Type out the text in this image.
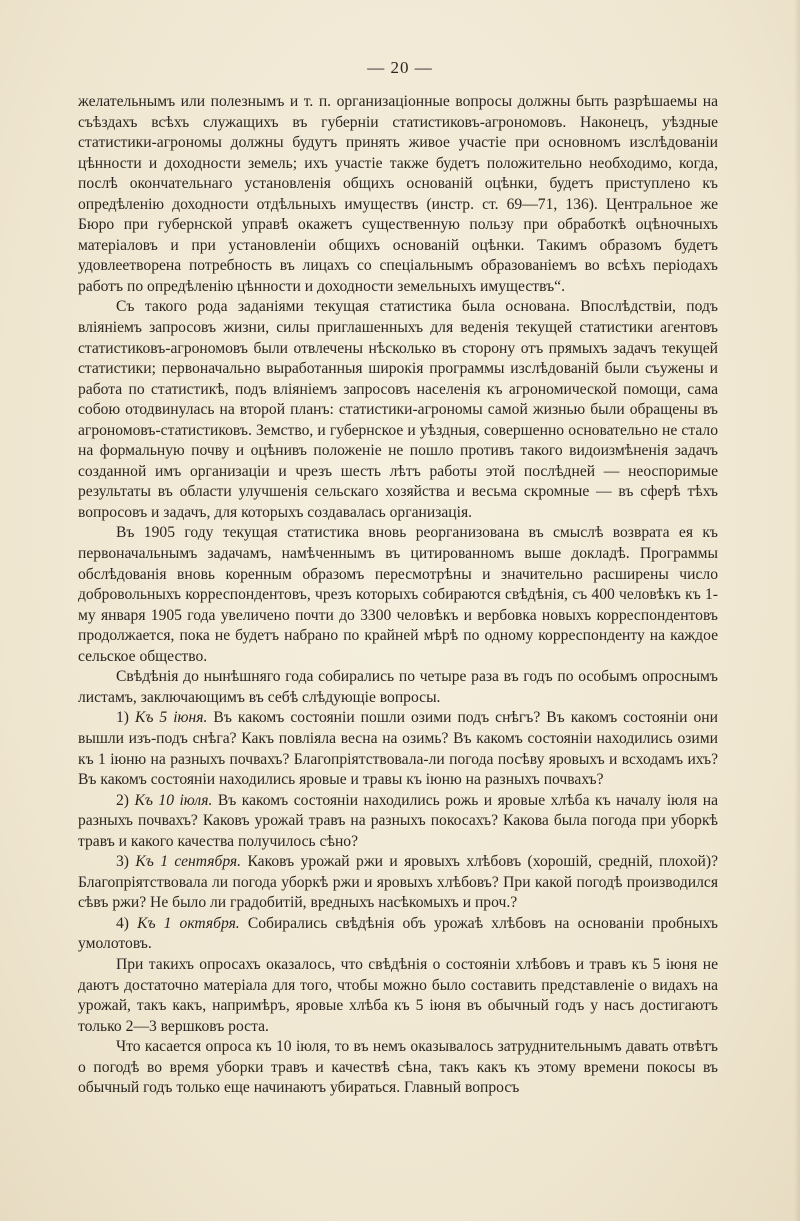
— 20 —

желательнымъ или полезнымъ и т. п. организаціонные вопросы должны быть разрѣшаемы на съѣздахъ всѣхъ служащихъ въ губерніи статистиковъ-агрономовъ. Наконецъ, уѣздные статистики-агрономы должны будутъ принять живое участіе при основномъ изслѣдованіи цѣнности и доходности земель; ихъ участіе также будетъ положительно необходимо, когда, послѣ окончательнаго установленія общихъ основаній оцѣнки, будетъ приступлено къ опредѣленію доходности отдѣльныхъ имуществъ (инстр. ст. 69—71, 136). Центральное же Бюро при губернской управѣ окажетъ существенную пользу при обработкѣ оцѣночныхъ матеріаловъ и при установленіи общихъ основаній оцѣнки. Такимъ образомъ будетъ удовлеетворена потребность въ лицахъ со спеціальнымъ образованіемъ во всѣхъ періодахъ работъ по опредѣленію цѣнности и доходности земельныхъ имуществъ“.

Съ такого рода заданіями текущая статистика была основана. Впослѣдствіи, подъ вліяніемъ запросовъ жизни, силы приглашенныхъ для веденія текущей статистики агентовъ статистиковъ-агрономовъ были отвлечены нѣсколько въ сторону отъ прямыхъ задачъ текущей статистики; первоначально выработанныя широкія программы изслѣдованій были съужены и работа по статистикѣ, подъ вліяніемъ запросовъ населенія къ агрономической помощи, сама собою отодвинулась на второй планъ: статистики-агрономы самой жизнью были обращены въ агрономовъ-статистиковъ. Земство, и губернское и уѣздныя, совершенно основательно не стало на формальную почву и оцѣнивъ положеніе не пошло противъ такого видоизмѣненія задачъ созданной имъ организаціи и чрезъ шесть лѣтъ работы этой послѣдней — неоспоримые результаты въ области улучшенія сельскаго хозяйства и весьма скромные — въ сферѣ тѣхъ вопросовъ и задачъ, для которыхъ создавалась организація.

Въ 1905 году текущая статистика вновь реорганизована въ смыслѣ возврата ея къ первоначальнымъ задачамъ, намѣченнымъ въ цитированномъ выше докладѣ. Программы обслѣдованія вновь коренным образомъ пересмотрѣны и значительно расширены число добровольныхъ корреспондентовъ, чрезъ которыхъ собираются свѣдѣнія, съ 400 человѣкъ къ 1-му января 1905 года увеличено почти до 3300 человѣкъ и вербовка новыхъ корреспондентовъ продолжается, пока не будетъ набрано по крайней мѣрѣ по одному корреспонденту на каждое сельское общество.

Свѣдѣнія до нынѣшняго года собирались по четыре раза въ годъ по особымъ опроснымъ листамъ, заключающимъ въ себѣ слѣдующіе вопросы.

1) Къ 5 іюня. Въ какомъ состояніи пошли озими подъ снѣгъ? Въ какомъ состояніи они вышли изъ-подъ снѣга? Какъ повліяла весна на озимь? Въ какомъ состояніи находились озими къ 1 іюню на разныхъ почвахъ? Благопріятствовала-ли погода посѣву яровыхъ и всходамъ ихъ? Въ какомъ состояніи находились яровые и травы къ іюню на разныхъ почвахъ?

2) Къ 10 іюля. Въ какомъ состояніи находились рожь и яровые хлѣба къ началу іюля на разныхъ почвахъ? Каковъ урожай травъ на разныхъ покосахъ? Какова была погода при уборкѣ травъ и какого качества получилось сѣно?

3) Къ 1 сентября. Каковъ урожай ржи и яровыхъ хлѣбовъ (хорошій, средній, плохой)? Благопріятствовала ли погода уборкѣ ржи и яровыхъ хлѣбовъ? При какой погодѣ производился сѣвъ ржи? Не было ли градобитій, вредныхъ насѣкомыхъ и проч.?

4) Къ 1 октября. Собирались свѣдѣнія объ урожаѣ хлѣбовъ на основаніи пробныхъ умолотовъ.

При такихъ опросахъ оказалось, что свѣдѣнія о состояніи хлѣбовъ и травъ къ 5 іюня не даютъ достаточно матеріала для того, чтобы можно было составить представленіе о видахъ на урожай, такъ какъ, напримѣръ, яровые хлѣба къ 5 іюня въ обычный годъ у насъ достигаютъ только 2—3 вершковъ роста.

Что касается опроса къ 10 іюля, то въ немъ оказывалось затруднительнымъ давать отвѣтъ о погодѣ во время уборки травъ и качествѣ сѣна, такъ какъ къ этому времени покосы въ обычный годъ только еще начинаютъ убираться. Главный вопросъ
